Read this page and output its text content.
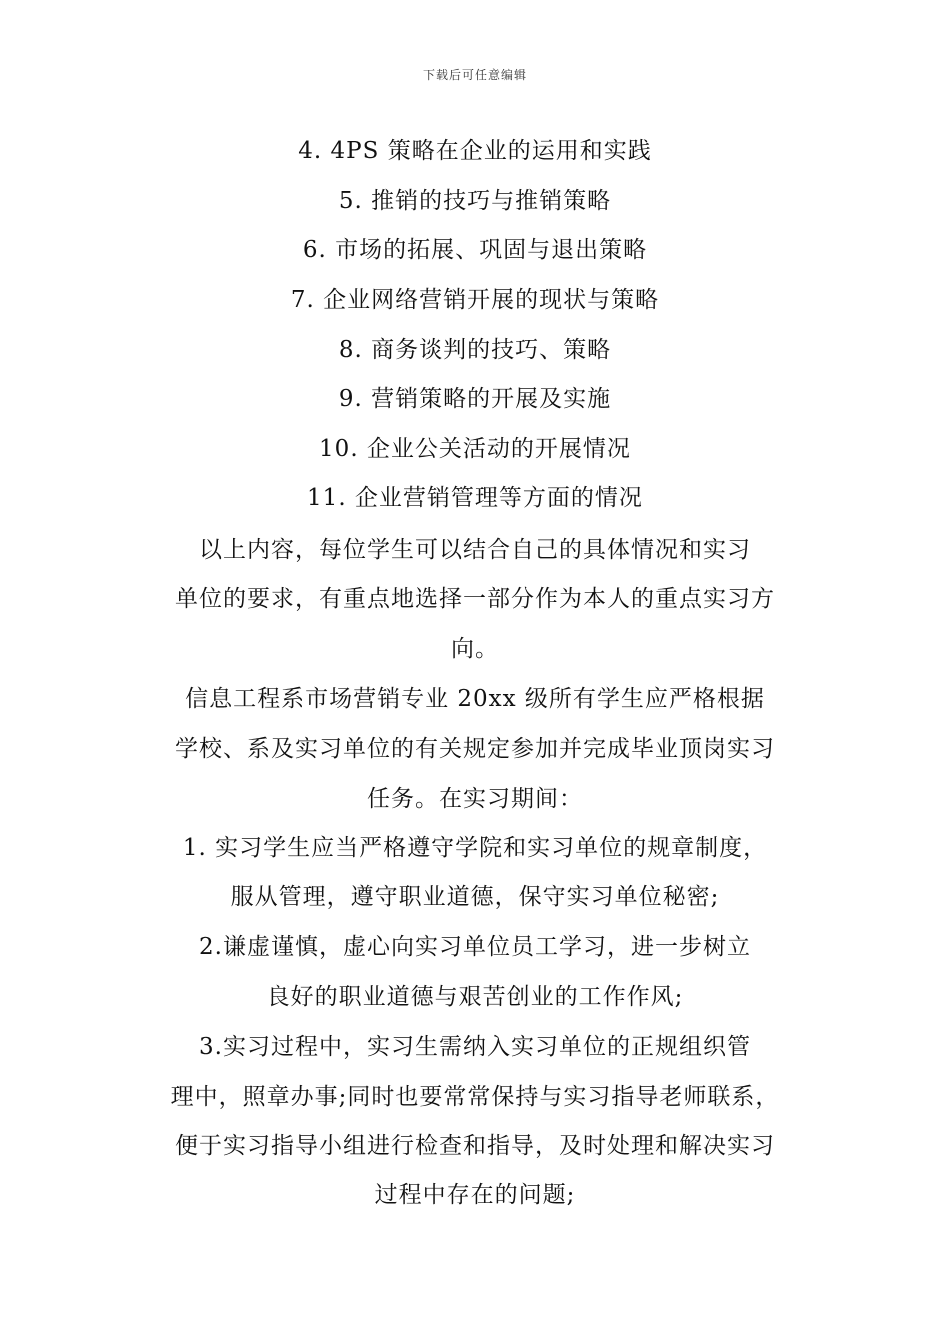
下载后可任意编辑
4. 4PS 策略在企业的运用和实践
5. 推销的技巧与推销策略
6. 市场的拓展、巩固与退出策略
7. 企业网络营销开展的现状与策略
8. 商务谈判的技巧、策略
9. 营销策略的开展及实施
10. 企业公关活动的开展情况
11. 企业营销管理等方面的情况
以上内容，每位学生可以结合自己的具体情况和实习
单位的要求，有重点地选择一部分作为本人的重点实习方
向。
信息工程系市场营销专业 20xx 级所有学生应严格根据
学校、系及实习单位的有关规定参加并完成毕业顶岗实习
任务。在实习期间：
1. 实习学生应当严格遵守学院和实习单位的规章制度，
服从管理，遵守职业道德，保守实习单位秘密;
2.谦虚谨慎，虚心向实习单位员工学习，进一步树立
良好的职业道德与艰苦创业的工作作风;
3.实习过程中，实习生需纳入实习单位的正规组织管
理中，照章办事;同时也要常常保持与实习指导老师联系，
便于实习指导小组进行检查和指导，及时处理和解决实习
过程中存在的问题;
